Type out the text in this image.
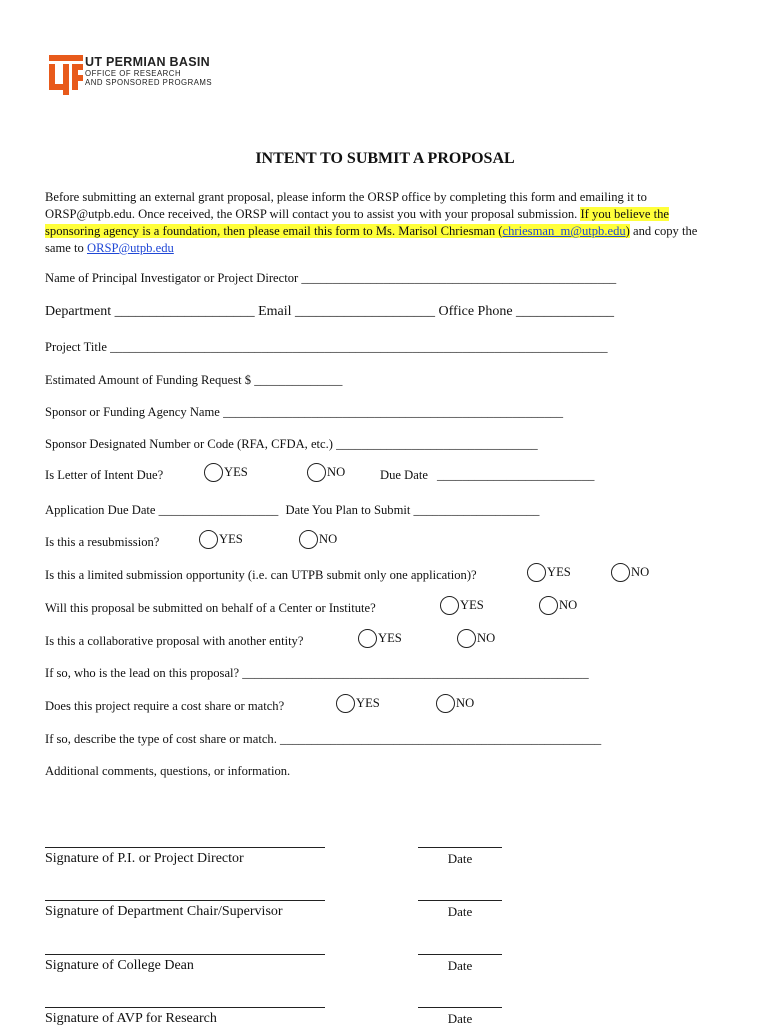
UT PERMIAN BASIN
OFFICE OF RESEARCH
AND SPONSORED PROGRAMS
INTENT TO SUBMIT A PROPOSAL
Before submitting an external grant proposal, please inform the ORSP office by completing this form and emailing it to ORSP@utpb.edu. Once received, the ORSP will contact you to assist you with your proposal submission. If you believe the sponsoring agency is a foundation, then please email this form to Ms. Marisol Chriesman (chriesman_m@utpb.edu) and copy the same to ORSP@utpb.edu
Name of Principal Investigator or Project Director __________________________________________________
Department ____________________ Email ____________________ Office Phone ______________
Project Title _______________________________________________________________________________
Estimated Amount of Funding Request $ ______________
Sponsor or Funding Agency Name ______________________________________________________
Sponsor Designated Number or Code (RFA, CFDA, etc.) ________________________________
Is Letter of Intent Due?	YES	NO	Due Date _________________________
Application Due Date ___________________ Date You Plan to Submit ____________________
Is this a resubmission?	YES	NO
Is this a limited submission opportunity (i.e. can UTPB submit only one application)?	YES	NO
Will this proposal be submitted on behalf of a Center or Institute?	YES	NO
Is this a collaborative proposal with another entity?	YES	NO
If so, who is the lead on this proposal? _______________________________________________________
Does this project require a cost share or match?	YES	NO
If so, describe the type of cost share or match. ___________________________________________________
Additional comments, questions, or information.
Signature of P.I. or Project Director	Date
Signature of Department Chair/Supervisor	Date
Signature of College Dean	Date
Signature of AVP for Research	Date
